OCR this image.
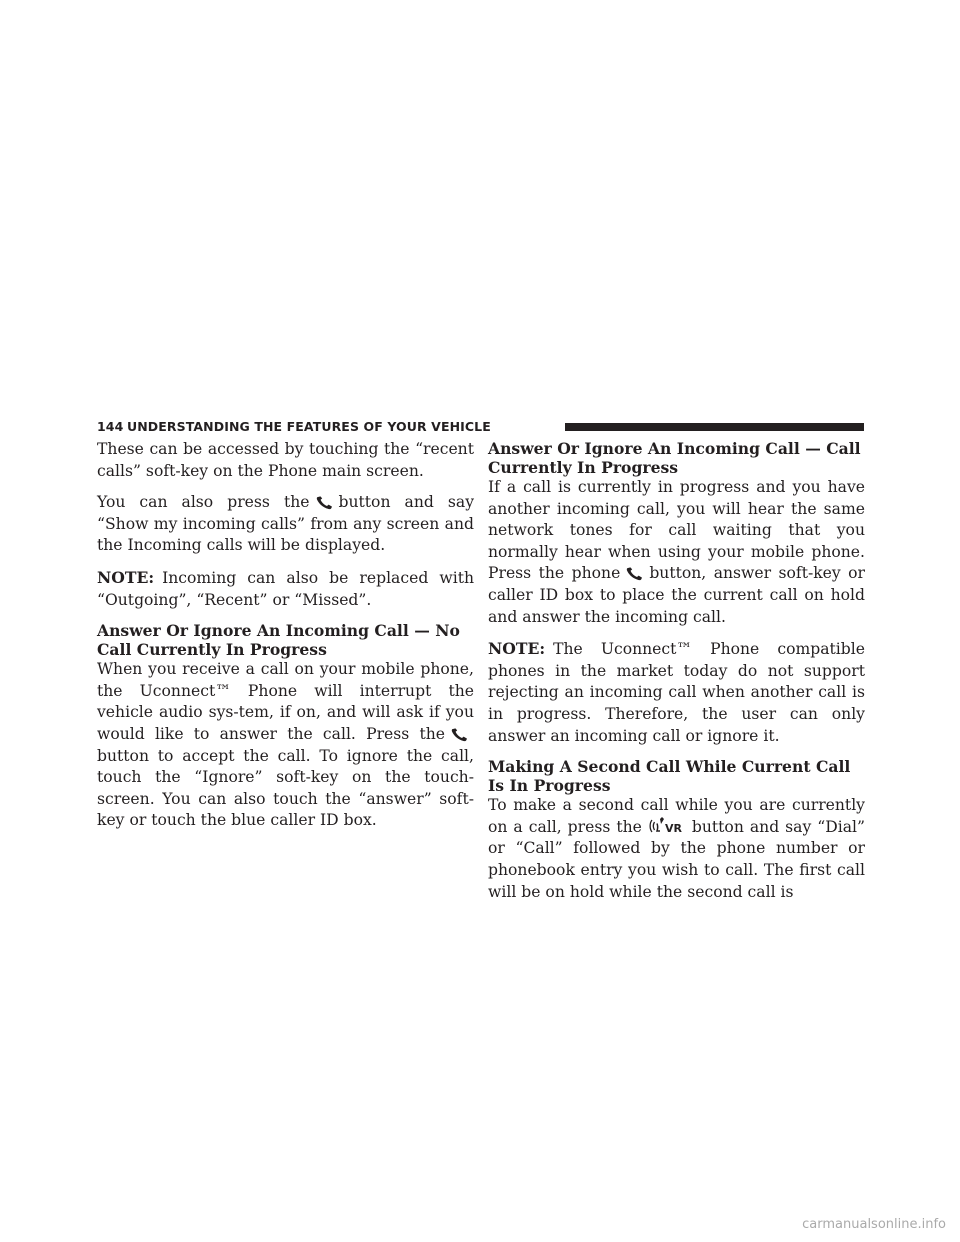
144 UNDERSTANDING THE FEATURES OF YOUR VEHICLE

These can be accessed by touching the “recent calls” soft-key on the Phone main screen.

You can also press the button and say “Show my incoming calls” from any screen and the Incoming calls will be displayed.

NOTE: Incoming can also be replaced with “Outgoing”, “Recent” or “Missed”.

Answer Or Ignore An Incoming Call — No Call Currently In Progress

When you receive a call on your mobile phone, the Uconnect™ Phone will interrupt the vehicle audio sys-tem, if on, and will ask if you would like to answer the call. Press the
button to accept the call. To ignore the call, touch the “Ignore” soft-key on the touch-screen. You can also touch the “answer” soft-key or touch the blue caller ID box.

Answer Or Ignore An Incoming Call — Call Currently In Progress

If a call is currently in progress and you have another incoming call, you will hear the same network tones for call waiting that you normally hear when using your mobile phone. Press the phone button, answer soft-key or caller ID box to place the current call on hold and answer the incoming call.

NOTE: The Uconnect™ Phone compatible phones in the market today do not support rejecting an incoming call when another call is in progress. Therefore, the user can only answer an incoming call or ignore it.

Making A Second Call While Current Call Is In Progress

To make a second call while you are currently on a call, press the VR button and say “Dial” or “Call” followed by the phone number or phonebook entry you wish to call. The first call will be on hold while the second call is

carmanualsonline.info
